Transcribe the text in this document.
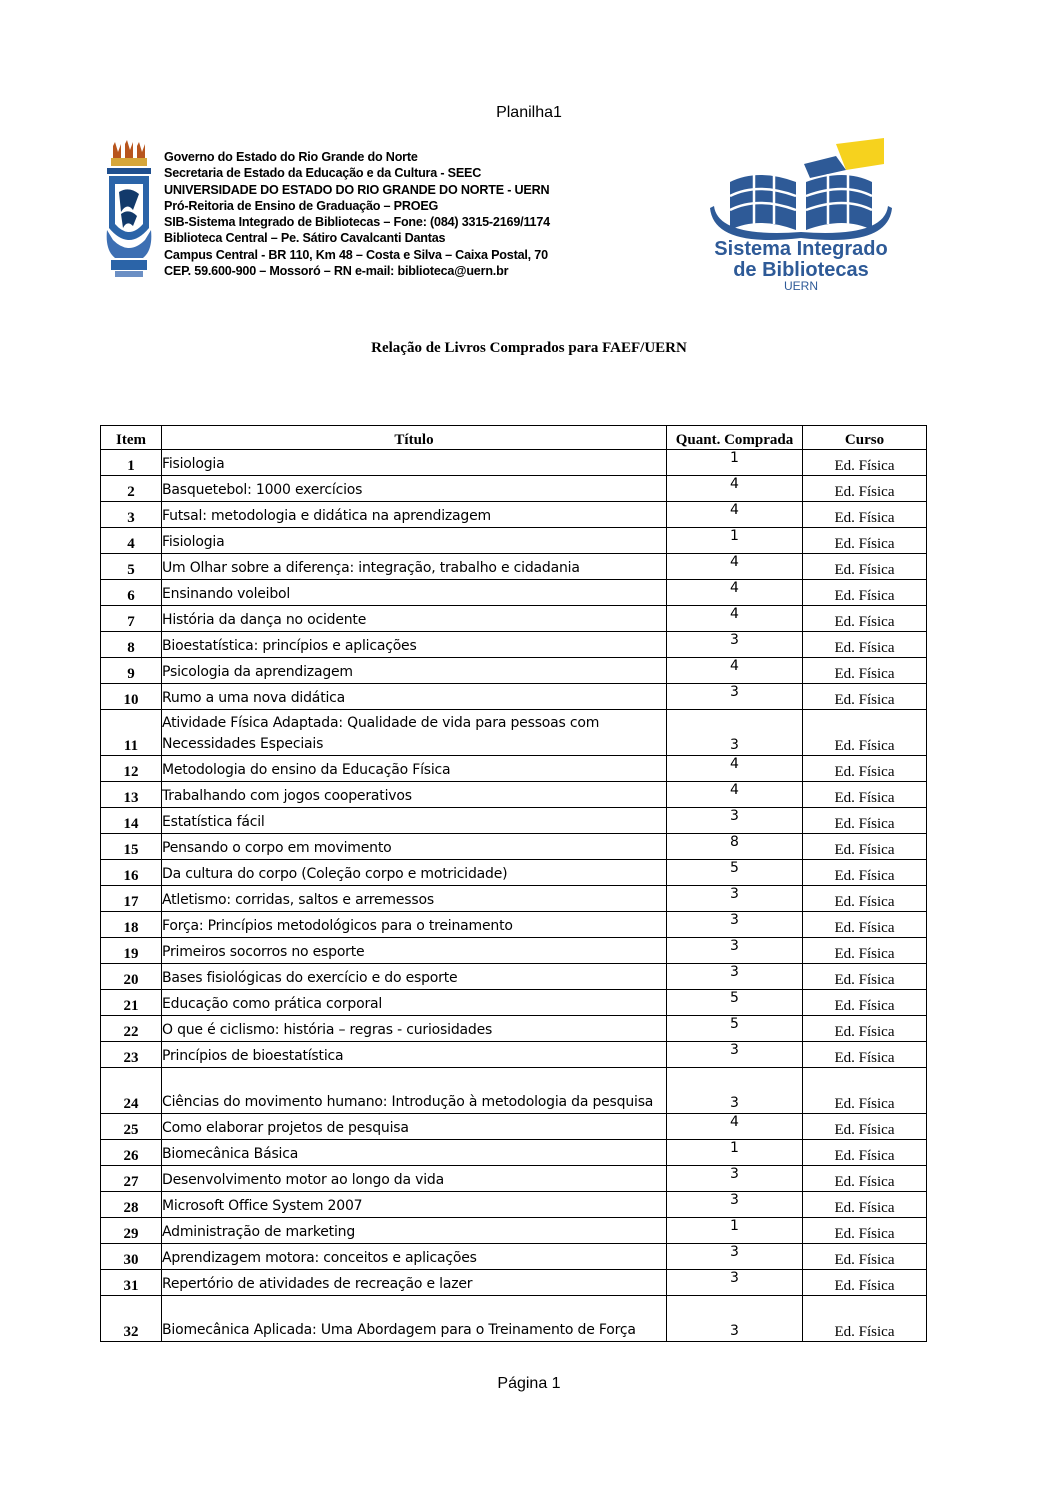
Planilha1
Governo do Estado do Rio Grande do Norte
Secretaria de Estado da Educação e da Cultura - SEEC
UNIVERSIDADE DO ESTADO DO RIO GRANDE DO NORTE - UERN
Pró-Reitoria de Ensino de Graduação – PROEG
SIB-Sistema Integrado de Bibliotecas – Fone: (084) 3315-2169/1174
Biblioteca Central – Pe. Sátiro Cavalcanti Dantas
Campus Central - BR 110, Km 48 – Costa e Silva – Caixa Postal, 70
CEP. 59.600-900 – Mossoró – RN e-mail: biblioteca@uern.br
Sistema Integrado
de Bibliotecas
UERN
Relação de Livros Comprados para FAEF/UERN
Item	Título	Quant. Comprada	Curso
1	Fisiologia	1	Ed. Física
2	Basquetebol: 1000 exercícios	4	Ed. Física
3	Futsal: metodologia e didática na aprendizagem	4	Ed. Física
4	Fisiologia	1	Ed. Física
5	Um Olhar sobre a diferença: integração, trabalho e cidadania	4	Ed. Física
6	Ensinando voleibol	4	Ed. Física
7	História da dança no ocidente	4	Ed. Física
8	Bioestatística: princípios e aplicações	3	Ed. Física
9	Psicologia da aprendizagem	4	Ed. Física
10	Rumo a uma nova didática	3	Ed. Física
11	Atividade Física Adaptada: Qualidade de vida para pessoas com Necessidades Especiais	3	Ed. Física
12	Metodologia do ensino da Educação Física	4	Ed. Física
13	Trabalhando com jogos cooperativos	4	Ed. Física
14	Estatística fácil	3	Ed. Física
15	Pensando o corpo em movimento	8	Ed. Física
16	Da cultura do corpo (Coleção corpo e motricidade)	5	Ed. Física
17	Atletismo: corridas, saltos e arremessos	3	Ed. Física
18	Força: Princípios metodológicos para o treinamento	3	Ed. Física
19	Primeiros socorros no esporte	3	Ed. Física
20	Bases fisiológicas do exercício e do esporte	3	Ed. Física
21	Educação como prática corporal	5	Ed. Física
22	O que é ciclismo: história – regras - curiosidades	5	Ed. Física
23	Princípios de bioestatística	3	Ed. Física
24	Ciências do movimento humano: Introdução à metodologia da pesquisa	3	Ed. Física
25	Como elaborar projetos de pesquisa	4	Ed. Física
26	Biomecânica Básica	1	Ed. Física
27	Desenvolvimento motor ao longo da vida	3	Ed. Física
28	Microsoft Office System 2007	3	Ed. Física
29	Administração de marketing	1	Ed. Física
30	Aprendizagem motora: conceitos e aplicações	3	Ed. Física
31	Repertório de atividades de recreação e lazer	3	Ed. Física
32	Biomecânica Aplicada: Uma Abordagem para o Treinamento de Força	3	Ed. Física
Página 1
